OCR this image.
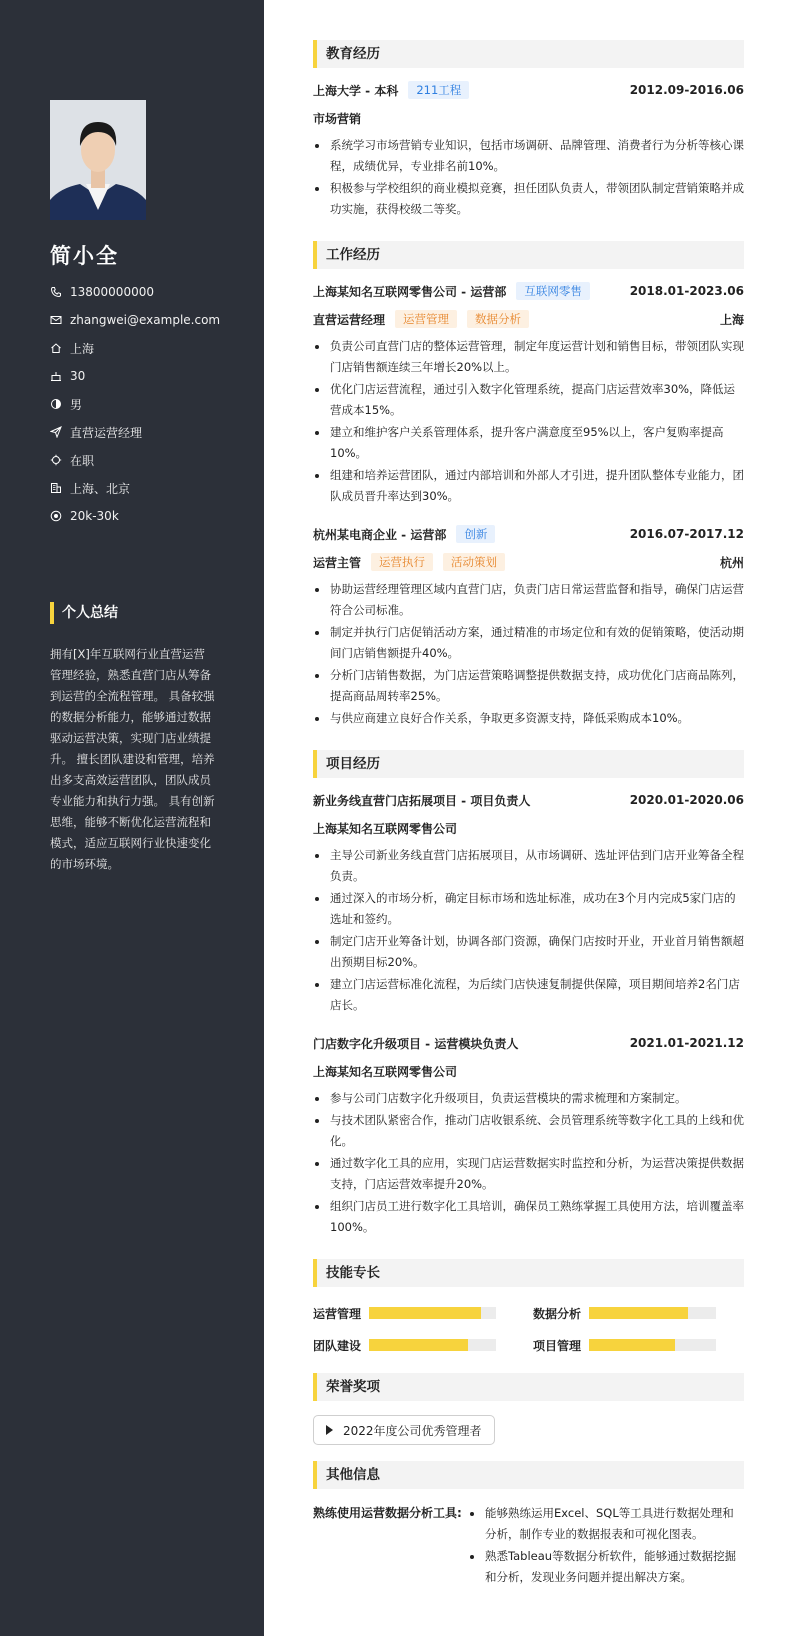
简小全
13800000000
zhangwei@example.com
上海
30
男
直营运营经理
在职
上海、北京
20k-30k
个人总结
拥有[X]年互联网行业直营运营管理经验，熟悉直营门店从筹备到运营的全流程管理。 具备较强的数据分析能力，能够通过数据驱动运营决策，实现门店业绩提升。 擅长团队建设和管理，培养出多支高效运营团队，团队成员专业能力和执行力强。 具有创新思维，能够不断优化运营流程和模式，适应互联网行业快速变化的市场环境。
教育经历
上海大学 - 本科	211工程	2012.09-2016.06
市场营销
系统学习市场营销专业知识，包括市场调研、品牌管理、消费者行为分析等核心课程，成绩优异，专业排名前10%。
积极参与学校组织的商业模拟竞赛，担任团队负责人，带领团队制定营销策略并成功实施，获得校级二等奖。
工作经历
上海某知名互联网零售公司 - 运营部	互联网零售	2018.01-2023.06
直营运营经理	运营管理	数据分析	上海
负责公司直营门店的整体运营管理，制定年度运营计划和销售目标，带领团队实现门店销售额连续三年增长20%以上。
优化门店运营流程，通过引入数字化管理系统，提高门店运营效率30%，降低运营成本15%。
建立和维护客户关系管理体系，提升客户满意度至95%以上，客户复购率提高10%。
组建和培养运营团队，通过内部培训和外部人才引进，提升团队整体专业能力，团队成员晋升率达到30%。
杭州某电商企业 - 运营部	创新	2016.07-2017.12
运营主管	运营执行	活动策划	杭州
协助运营经理管理区域内直营门店，负责门店日常运营监督和指导，确保门店运营符合公司标准。
制定并执行门店促销活动方案，通过精准的市场定位和有效的促销策略，使活动期间门店销售额提升40%。
分析门店销售数据，为门店运营策略调整提供数据支持，成功优化门店商品陈列，提高商品周转率25%。
与供应商建立良好合作关系，争取更多资源支持，降低采购成本10%。
项目经历
新业务线直营门店拓展项目 - 项目负责人	2020.01-2020.06
上海某知名互联网零售公司
主导公司新业务线直营门店拓展项目，从市场调研、选址评估到门店开业筹备全程负责。
通过深入的市场分析，确定目标市场和选址标准，成功在3个月内完成5家门店的选址和签约。
制定门店开业筹备计划，协调各部门资源，确保门店按时开业，开业首月销售额超出预期目标20%。
建立门店运营标准化流程，为后续门店快速复制提供保障，项目期间培养2名门店店长。
门店数字化升级项目 - 运营模块负责人	2021.01-2021.12
上海某知名互联网零售公司
参与公司门店数字化升级项目，负责运营模块的需求梳理和方案制定。
与技术团队紧密合作，推动门店收银系统、会员管理系统等数字化工具的上线和优化。
通过数字化工具的应用，实现门店运营数据实时监控和分析，为运营决策提供数据支持，门店运营效率提升20%。
组织门店员工进行数字化工具培训，确保员工熟练掌握工具使用方法，培训覆盖率100%。
技能专长
运营管理	数据分析
团队建设	项目管理
荣誉奖项
2022年度公司优秀管理者
其他信息
熟练使用运营数据分析工具:	能够熟练运用Excel、SQL等工具进行数据处理和分析，制作专业的数据报表和可视化图表。
熟悉Tableau等数据分析软件，能够通过数据挖掘和分析，发现业务问题并提出解决方案。
